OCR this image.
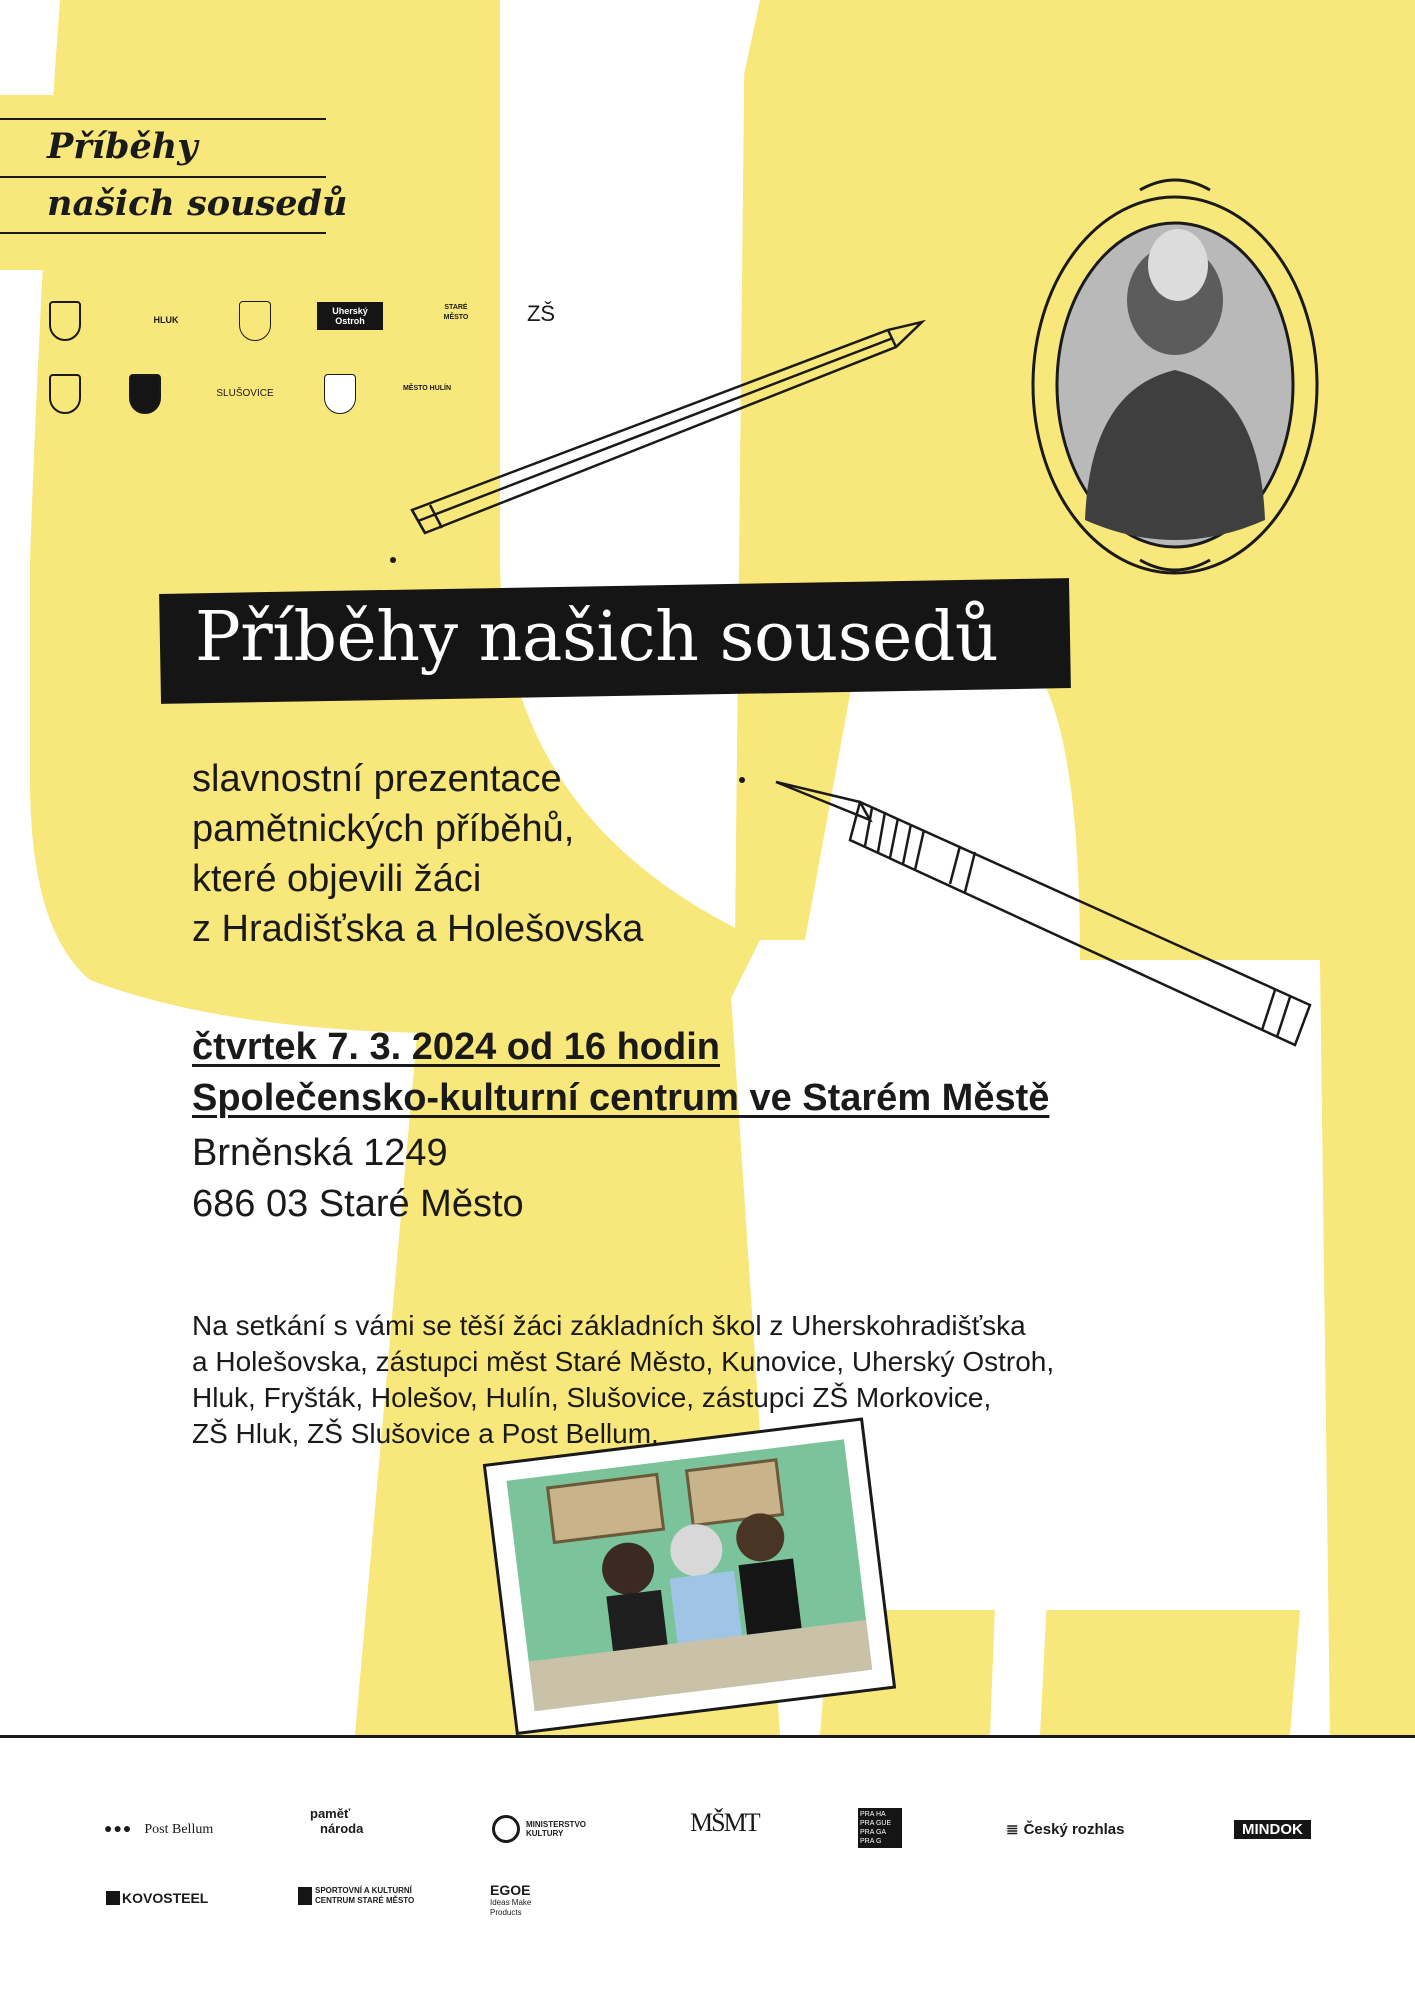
Příběhy
našich sousedů
HLUK
Uherský Ostroh
STARÉ MĚSTO	ZŠ
SLUŠOVICE	MĚSTO HULÍN
Příběhy našich sousedů
slavnostní prezentace
pamětnických příběhů,
které objevili žáci
z Hradišťska a Holešovska
čtvrtek 7. 3. 2024 od 16 hodin
Společensko-kulturní centrum ve Starém Městě
Brněnská 1249
686 03 Staré Město
Na setkání s vámi se těší žáci základních škol z Uherskohradišťska
a Holešovska, zástupci měst Staré Město, Kunovice, Uherský Ostroh,
Hluk, Fryšták, Holešov, Hulín, Slušovice, zástupci ZŠ Morkovice,
ZŠ Hluk, ZŠ Slušovice a Post Bellum.
●●● Post Bellum
paměť
národa	MINISTERSTVO
KULTURY	MŠMT	PRA HA PRA GUE PRA GA PRA G
≣ Český rozhlas	MINDOK
KOVOSTEEL	SPORTOVNÍ A KULTURNÍ
CENTRUM STARÉ MĚSTO
EGOE
Ideas Make
Products
